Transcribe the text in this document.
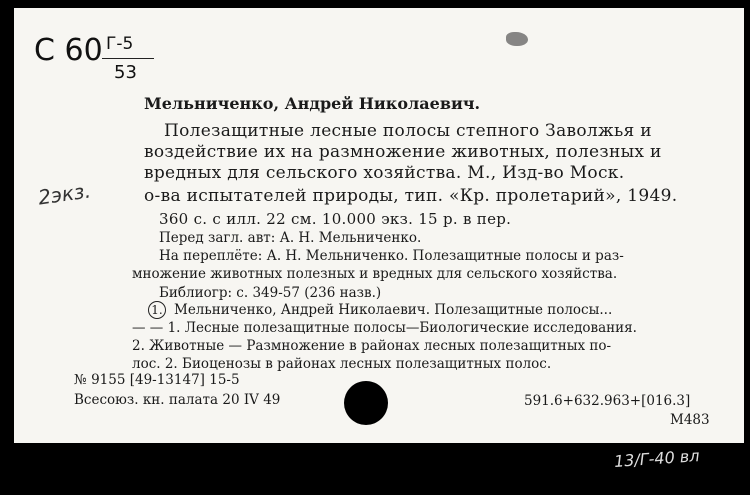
С 60 Г-5
53
2экз.
13/Г-40 вл
Мельниченко, Андрей Николаевич.
Полезащитные лесные полосы степного Заволжья и
воздействие их на размножение животных, полезных и
вредных для сельского хозяйства. М., Изд-во Моск.
о-ва испытателей природы, тип. «Кр. пролетарий», 1949.
360 с. с илл. 22 см. 10.000 экз. 15 р. в пер.
Перед загл. авт: А. Н. Мельниченко.
На переплёте: А. Н. Мельниченко. Полезащитные полосы и раз-
множение животных полезных и вредных для сельского хозяйства.
Библиогр: с. 349-57 (236 назв.)
1. Мельниченко, Андрей Николаевич. Полезащитные полосы...
— — 1. Лесные полезащитные полосы—Биологические исследования.
2. Животные — Размножение в районах лесных полезащитных по-
лос. 2. Биоценозы в районах лесных полезащитных полос.
№ 9155 [49-13147] 15-5
Всесоюз. кн. палата 20 IV 49	591.6+632.963+[016.3]
М483
